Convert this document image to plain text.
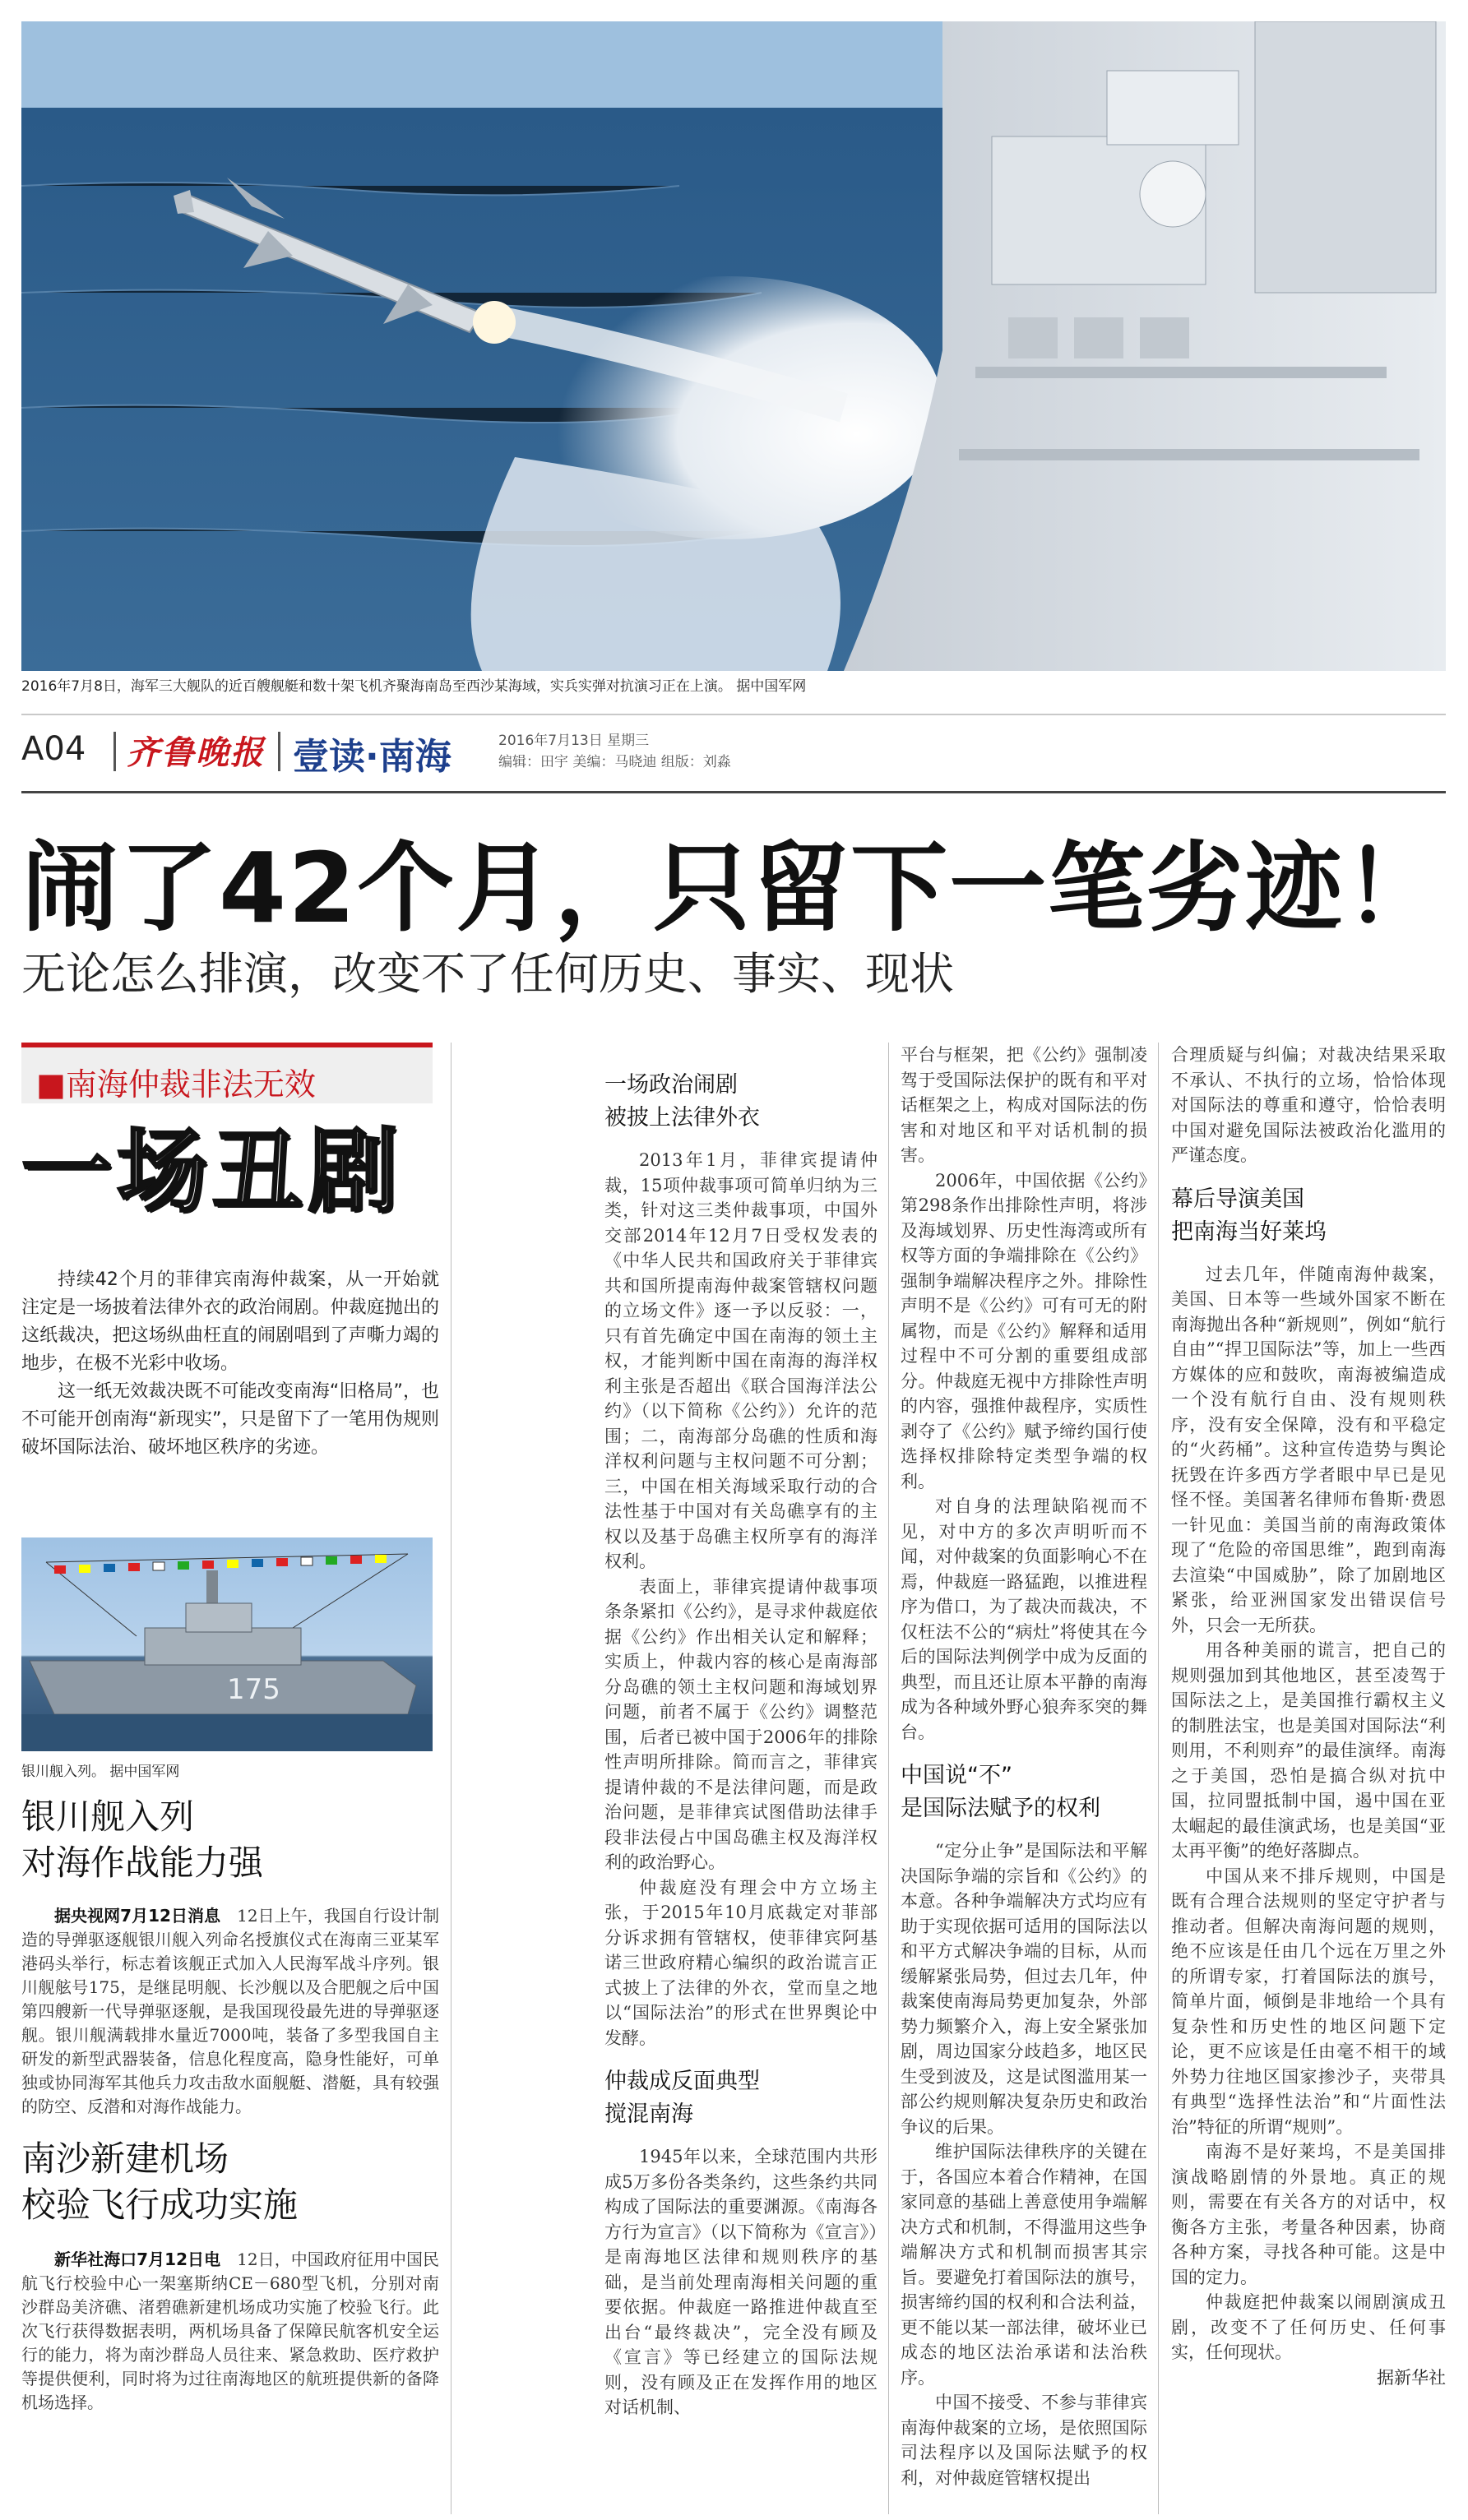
2016年7月8日，海军三大舰队的近百艘舰艇和数十架飞机齐聚海南岛至西沙某海域，实兵实弹对抗演习正在上演。 据中国军网
A04 齐鲁晚报 壹读·南海	2016年7月13日 星期三
编辑：田宇 美编：马晓迪 组版：刘淼
闹了42个月，只留下一笔劣迹！
无论怎么排演，改变不了任何历史、事实、现状
■南海仲裁非法无效
一场丑剧

持续42个月的菲律宾南海仲裁案，从一开始就注定是一场披着法律外衣的政治闹剧。仲裁庭抛出的这纸裁决，把这场纵曲枉直的闹剧唱到了声嘶力竭的地步，在极不光彩中收场。

这一纸无效裁决既不可能改变南海“旧格局”，也不可能开创南海“新现实”，只是留下了一笔用伪规则破坏国际法治、破坏地区秩序的劣迹。

175
银川舰入列。 据中国军网
银川舰入列
对海作战能力强

据央视网7月12日消息　 12日上午，我国自行设计制造的导弹驱逐舰银川舰入列命名授旗仪式在海南三亚某军港码头举行，标志着该舰正式加入人民海军战斗序列。银川舰舷号175，是继昆明舰、长沙舰以及合肥舰之后中国第四艘新一代导弹驱逐舰，是我国现役最先进的导弹驱逐舰。银川舰满载排水量近7000吨，装备了多型我国自主研发的新型武器装备，信息化程度高，隐身性能好，可单独或协同海军其他兵力攻击敌水面舰艇、潜艇，具有较强的防空、反潜和对海作战能力。

南沙新建机场
校验飞行成功实施

新华社海口7月12日电　 12日，中国政府征用中国民航飞行校验中心一架塞斯纳CE－680型飞机，分别对南沙群岛美济礁、渚碧礁新建机场成功实施了校验飞行。此次飞行获得数据表明，两机场具备了保障民航客机安全运行的能力，将为南沙群岛人员往来、紧急救助、医疗救护等提供便利，同时将为过往南海地区的航班提供新的备降机场选择。

一场政治闹剧
被披上法律外衣

2013年1月，菲律宾提请仲裁，15项仲裁事项可简单归纳为三类，针对这三类仲裁事项，中国外交部2014年12月7日受权发表的《中华人民共和国政府关于菲律宾共和国所提南海仲裁案管辖权问题的立场文件》逐一予以反驳：一，只有首先确定中国在南海的领土主权，才能判断中国在南海的海洋权利主张是否超出《联合国海洋法公约》（以下简称《公约》）允许的范围；二，南海部分岛礁的性质和海洋权利问题与主权问题不可分割；三，中国在相关海域采取行动的合法性基于中国对有关岛礁享有的主权以及基于岛礁主权所享有的海洋权利。

表面上，菲律宾提请仲裁事项条条紧扣《公约》，是寻求仲裁庭依据《公约》作出相关认定和解释；实质上，仲裁内容的核心是南海部分岛礁的领土主权问题和海域划界问题，前者不属于《公约》调整范围，后者已被中国于2006年的排除性声明所排除。简而言之，菲律宾提请仲裁的不是法律问题，而是政治问题，是菲律宾试图借助法律手段非法侵占中国岛礁主权及海洋权利的政治野心。

仲裁庭没有理会中方立场主张，于2015年10月底裁定对菲部分诉求拥有管辖权，使菲律宾阿基诺三世政府精心编织的政治谎言正式披上了法律的外衣，堂而皇之地以“国际法治”的形式在世界舆论中发酵。

仲裁成反面典型
搅混南海

1945年以来，全球范围内共形成5万多份各类条约，这些条约共同构成了国际法的重要渊源。《南海各方行为宣言》（以下简称为《宣言》）是南海地区法律和规则秩序的基础，是当前处理南海相关问题的重要依据。仲裁庭一路推进仲裁直至出台“最终裁决”，完全没有顾及《宣言》等已经建立的国际法规则，没有顾及正在发挥作用的地区对话机制、

平台与框架，把《公约》强制凌驾于受国际法保护的既有和平对话框架之上，构成对国际法的伤害和对地区和平对话机制的损害。

2006年，中国依据《公约》第298条作出排除性声明，将涉及海域划界、历史性海湾或所有权等方面的争端排除在《公约》强制争端解决程序之外。排除性声明不是《公约》可有可无的附属物，而是《公约》解释和适用过程中不可分割的重要组成部分。仲裁庭无视中方排除性声明的内容，强推仲裁程序，实质性剥夺了《公约》赋予缔约国行使选择权排除特定类型争端的权利。

对自身的法理缺陷视而不见，对中方的多次声明听而不闻，对仲裁案的负面影响心不在焉，仲裁庭一路猛跑，以推进程序为借口，为了裁决而裁决，不仅枉法不公的“病灶”将使其在今后的国际法判例学中成为反面的典型，而且还让原本平静的南海成为各种域外野心狼奔豕突的舞台。

中国说“不”
是国际法赋予的权利

“定分止争”是国际法和平解决国际争端的宗旨和《公约》的本意。各种争端解决方式均应有助于实现依据可适用的国际法以和平方式解决争端的目标，从而缓解紧张局势，但过去几年，仲裁案使南海局势更加复杂，外部势力频繁介入，海上安全紧张加剧，周边国家分歧趋多，地区民生受到波及，这是试图滥用某一部公约规则解决复杂历史和政治争议的后果。

维护国际法律秩序的关键在于，各国应本着合作精神，在国家同意的基础上善意使用争端解决方式和机制，不得滥用这些争端解决方式和机制而损害其宗旨。要避免打着国际法的旗号，损害缔约国的权利和合法利益，更不能以某一部法律，破坏业已成态的地区法治承诺和法治秩序。

中国不接受、不参与菲律宾南海仲裁案的立场，是依照国际司法程序以及国际法赋予的权利，对仲裁庭管辖权提出

合理质疑与纠偏；对裁决结果采取不承认、不执行的立场，恰恰体现对国际法的尊重和遵守，恰恰表明中国对避免国际法被政治化滥用的严谨态度。

幕后导演美国
把南海当好莱坞

过去几年，伴随南海仲裁案，美国、日本等一些域外国家不断在南海抛出各种“新规则”，例如“航行自由”“捍卫国际法”等，加上一些西方媒体的应和鼓吹，南海被编造成一个没有航行自由、没有规则秩序，没有安全保障，没有和平稳定的“火药桶”。这种宣传造势与舆论抚毁在许多西方学者眼中早已是见怪不怪。美国著名律师布鲁斯·费恩一针见血：美国当前的南海政策体现了“危险的帝国思维”，跑到南海去渲染“中国威胁”，除了加剧地区紧张，给亚洲国家发出错误信号外，只会一无所获。

用各种美丽的谎言，把自己的规则强加到其他地区，甚至凌驾于国际法之上，是美国推行霸权主义的制胜法宝，也是美国对国际法“利则用，不利则弃”的最佳演绎。南海之于美国，恐怕是搞合纵对抗中国，拉同盟抵制中国，遏中国在亚太崛起的最佳演武场，也是美国“亚太再平衡”的绝好落脚点。

中国从来不排斥规则，中国是既有合理合法规则的坚定守护者与推动者。但解决南海问题的规则，绝不应该是任由几个远在万里之外的所谓专家，打着国际法的旗号，简单片面，倾倒是非地给一个具有复杂性和历史性的地区问题下定论，更不应该是任由毫不相干的域外势力往地区国家掺沙子，夹带具有典型“选择性法治”和“片面性法治”特征的所谓“规则”。

南海不是好莱坞，不是美国排演战略剧情的外景地。真正的规则，需要在有关各方的对话中，权衡各方主张，考量各种因素，协商各种方案，寻找各种可能。这是中国的定力。

仲裁庭把仲裁案以闹剧演成丑剧，改变不了任何历史、任何事实，任何现状。

据新华社
